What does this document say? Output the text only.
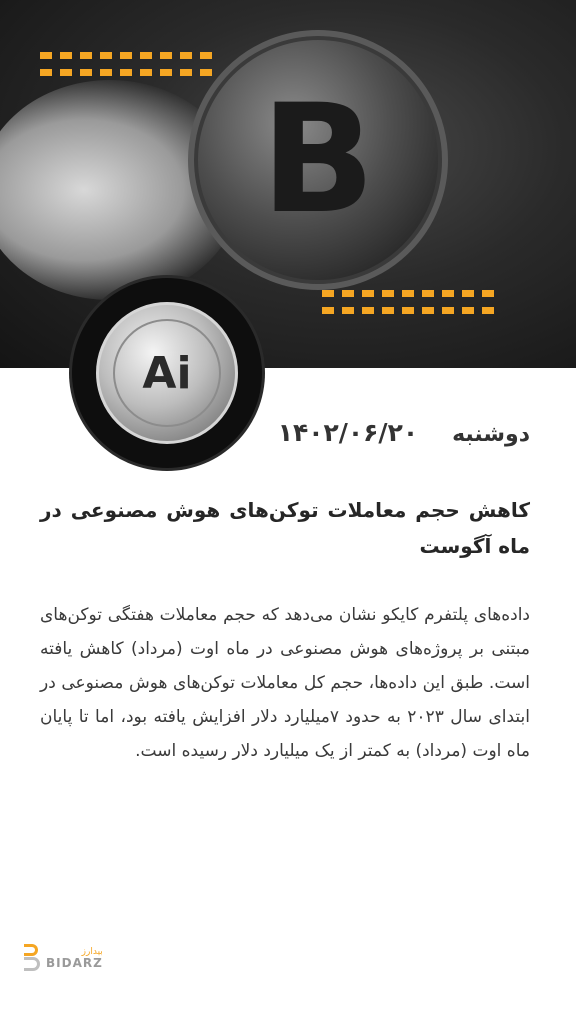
B
Ai
دوشنبه
۱۴۰۲/۰۶/۲۰
کاهش حجم معاملات توکن‌های هوش مصنوعی در ماه آگوست

داده‌های پلتفرم کایکو نشان می‌دهد که حجم معاملات هفتگی توکن‌های مبتنی بر پروژه‌های هوش مصنوعی در ماه اوت (مرداد) کاهش یافته است. طبق این داده‌ها، حجم کل معاملات توکن‌های هوش مصنوعی در ابتدای سال ۲۰۲۳ به حدود ۷میلیارد دلار افزایش یافته بود، اما تا پایان ماه اوت (مرداد) به کمتر از یک میلیارد دلار رسیده است.

بیدارز
BIDARZ
